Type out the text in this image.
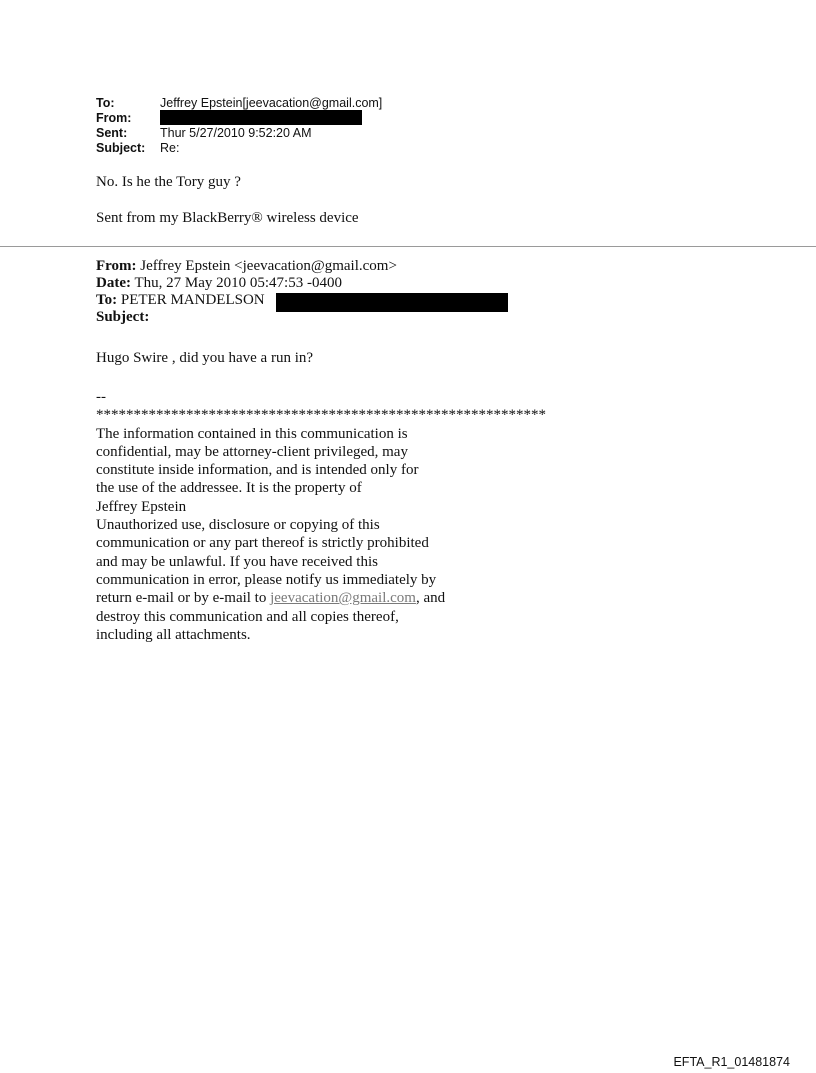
To:	Jeffrey Epstein[jeevacation@gmail.com]
From:
Sent:	Thur 5/27/2010 9:52:20 AM
Subject:	Re:

No. Is he the Tory guy ?

Sent from my BlackBerry® wireless device

From: Jeffrey Epstein <jeevacation@gmail.com>
Date: Thu, 27 May 2010 05:47:53 -0400
To: PETER MANDELSON
Subject:
Hugo Swire , did you have a run in?
--
************************************************************
The information contained in this communication is
confidential, may be attorney-client privileged, may
constitute inside information, and is intended only for
the use of the addressee. It is the property of
Jeffrey Epstein
Unauthorized use, disclosure or copying of this
communication or any part thereof is strictly prohibited
and may be unlawful. If you have received this
communication in error, please notify us immediately by
return e-mail or by e-mail to jeevacation@gmail.com, and
destroy this communication and all copies thereof,
including all attachments.
EFTA_R1_01481874
